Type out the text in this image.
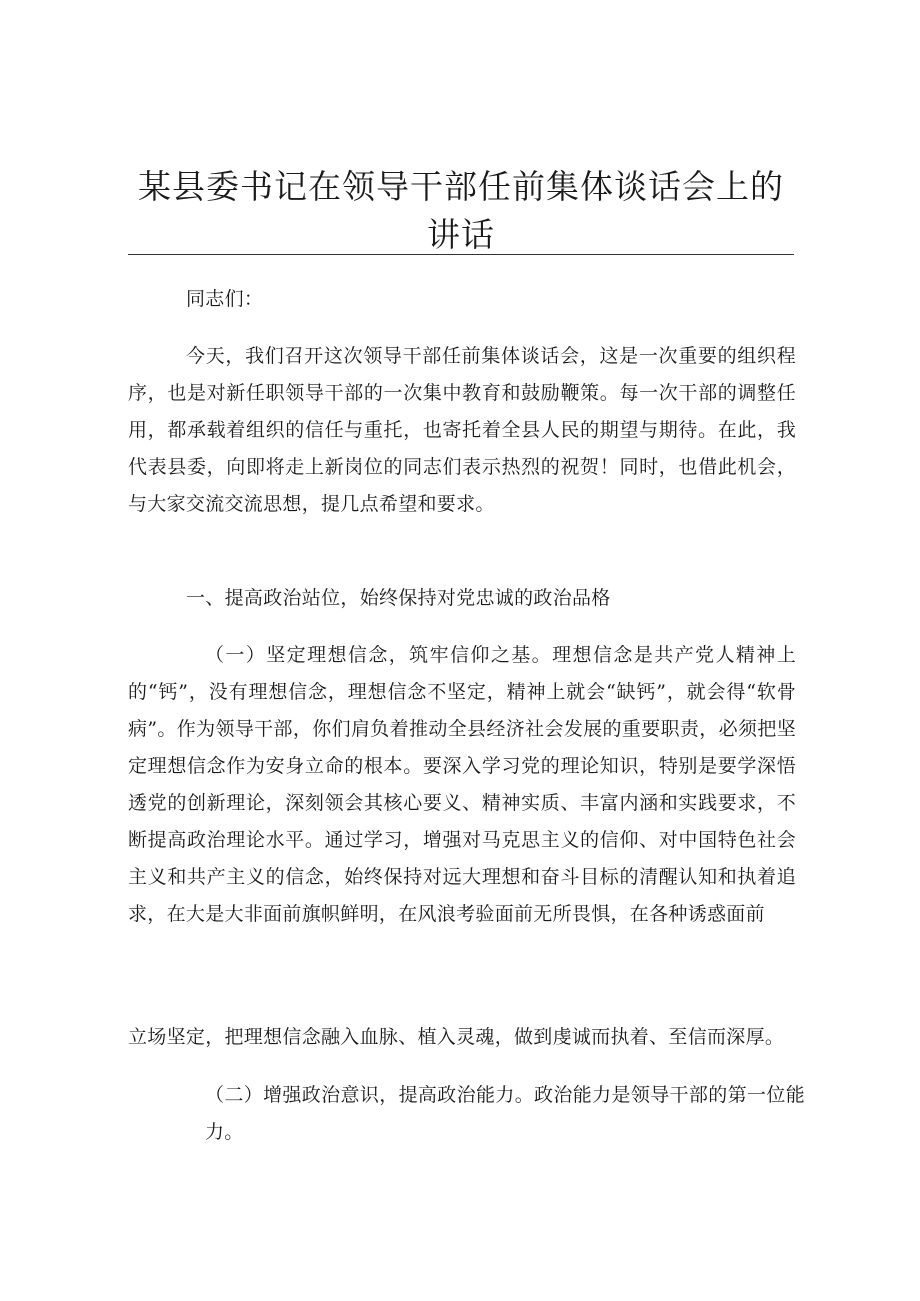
某县委书记在领导干部任前集体谈话会上的讲话

同志们：

今天，我们召开这次领导干部任前集体谈话会，这是一次重要的组织程序，也是对新任职领导干部的一次集中教育和鼓励鞭策。每一次干部的调整任用，都承载着组织的信任与重托，也寄托着全县人民的期望与期待。在此，我代表县委，向即将走上新岗位的同志们表示热烈的祝贺！同时，也借此机会，与大家交流交流思想，提几点希望和要求。

一、提高政治站位，始终保持对党忠诚的政治品格

（一）坚定理想信念，筑牢信仰之基。理想信念是共产党人精神上的“钙”，没有理想信念，理想信念不坚定，精神上就会“缺钙”，就会得“软骨病”。作为领导干部，你们肩负着推动全县经济社会发展的重要职责，必须把坚定理想信念作为安身立命的根本。要深入学习党的理论知识，特别是要学深悟透党的创新理论，深刻领会其核心要义、精神实质、丰富内涵和实践要求，不断提高政治理论水平。通过学习，增强对马克思主义的信仰、对中国特色社会主义和共产主义的信念，始终保持对远大理想和奋斗目标的清醒认知和执着追求，在大是大非面前旗帜鲜明，在风浪考验面前无所畏惧，在各种诱惑面前

立场坚定，把理想信念融入血脉、植入灵魂，做到虔诚而执着、至信而深厚。

（二）增强政治意识，提高政治能力。政治能力是领导干部的第一位能力。
